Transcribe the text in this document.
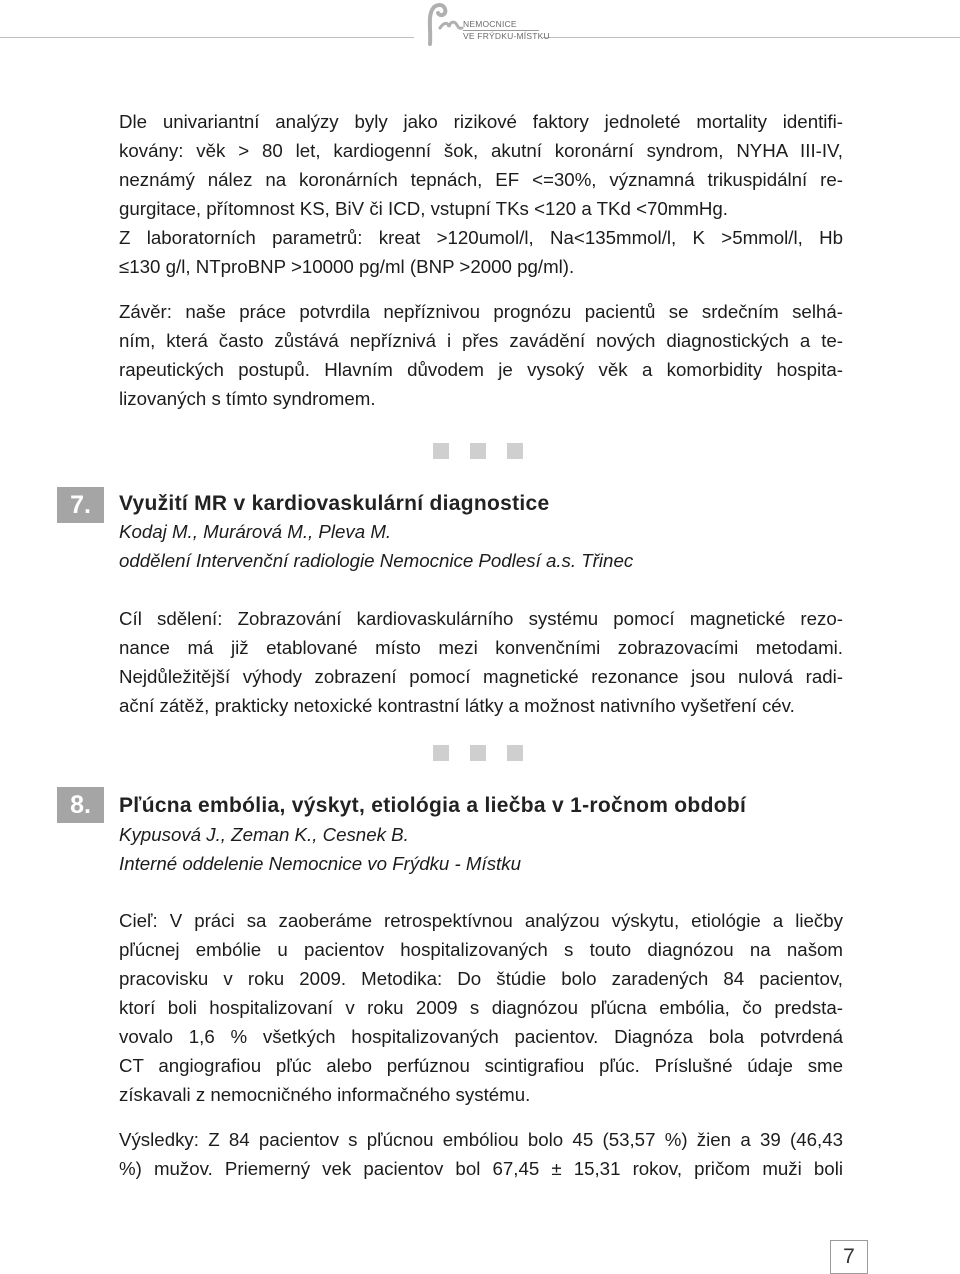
NEMOCNICE
VE FRÝDKU-MÍSTKU

Dle univariantní analýzy byly jako rizikové faktory jednoleté mortality identifi-

kovány: věk > 80 let, kardiogenní šok, akutní koronární syndrom, NYHA III-IV,

neznámý nález na koronárních tepnách, EF <=30%, významná trikuspidální re-

gurgitace, přítomnost KS, BiV či ICD, vstupní TKs <120 a TKd <70mmHg.

Z laboratorních parametrů: kreat >120umol/l, Na<135mmol/l, K >5mmol/l, Hb

≤130 g/l, NTproBNP >10000 pg/ml (BNP >2000 pg/ml).

Závěr: naše práce potvrdila nepříznivou prognózu pacientů se srdečním selhá-

ním, která často zůstává nepříznivá i přes zavádění nových diagnostických a te-

rapeutických postupů. Hlavním důvodem je vysoký věk a komorbidity hospita-

lizovaných s tímto syndromem.

7.	Využití MR v kardiovaskulární diagnostice
Kodaj M., Murárová M., Pleva M.
oddělení Intervenční radiologie Nemocnice Podlesí a.s. Třinec

Cíl sdělení: Zobrazování kardiovaskulárního systému pomocí magnetické rezo-

nance má již etablované místo mezi konvenčními zobrazovacími metodami.

Nejdůležitější výhody zobrazení pomocí magnetické rezonance jsou nulová radi-

ační zátěž, prakticky netoxické kontrastní látky a možnost nativního vyšetření cév.

8.	Pľúcna embólia, výskyt, etiológia a liečba v 1-ročnom období
Kypusová J., Zeman K., Cesnek B.
Interné oddelenie Nemocnice vo Frýdku - Místku

Cieľ: V práci sa zaoberáme retrospektívnou analýzou výskytu, etiológie a liečby

pľúcnej embólie u pacientov hospitalizovaných s touto diagnózou na našom

pracovisku v roku 2009. Metodika: Do štúdie bolo zaradených 84 pacientov,

ktorí boli hospitalizovaní v roku 2009 s diagnózou pľúcna embólia, čo predsta-

vovalo 1,6 % všetkých hospitalizovaných pacientov. Diagnóza bola potvrdená

CT angiografiou pľúc alebo perfúznou scintigrafiou pľúc. Príslušné údaje sme

získavali z nemocničného informačného systému.

Výsledky: Z 84 pacientov s pľúcnou embóliou bolo 45 (53,57 %) žien a 39 (46,43

%) mužov. Priemerný vek pacientov bol 67,45 ± 15,31 rokov, pričom muži boli

7
